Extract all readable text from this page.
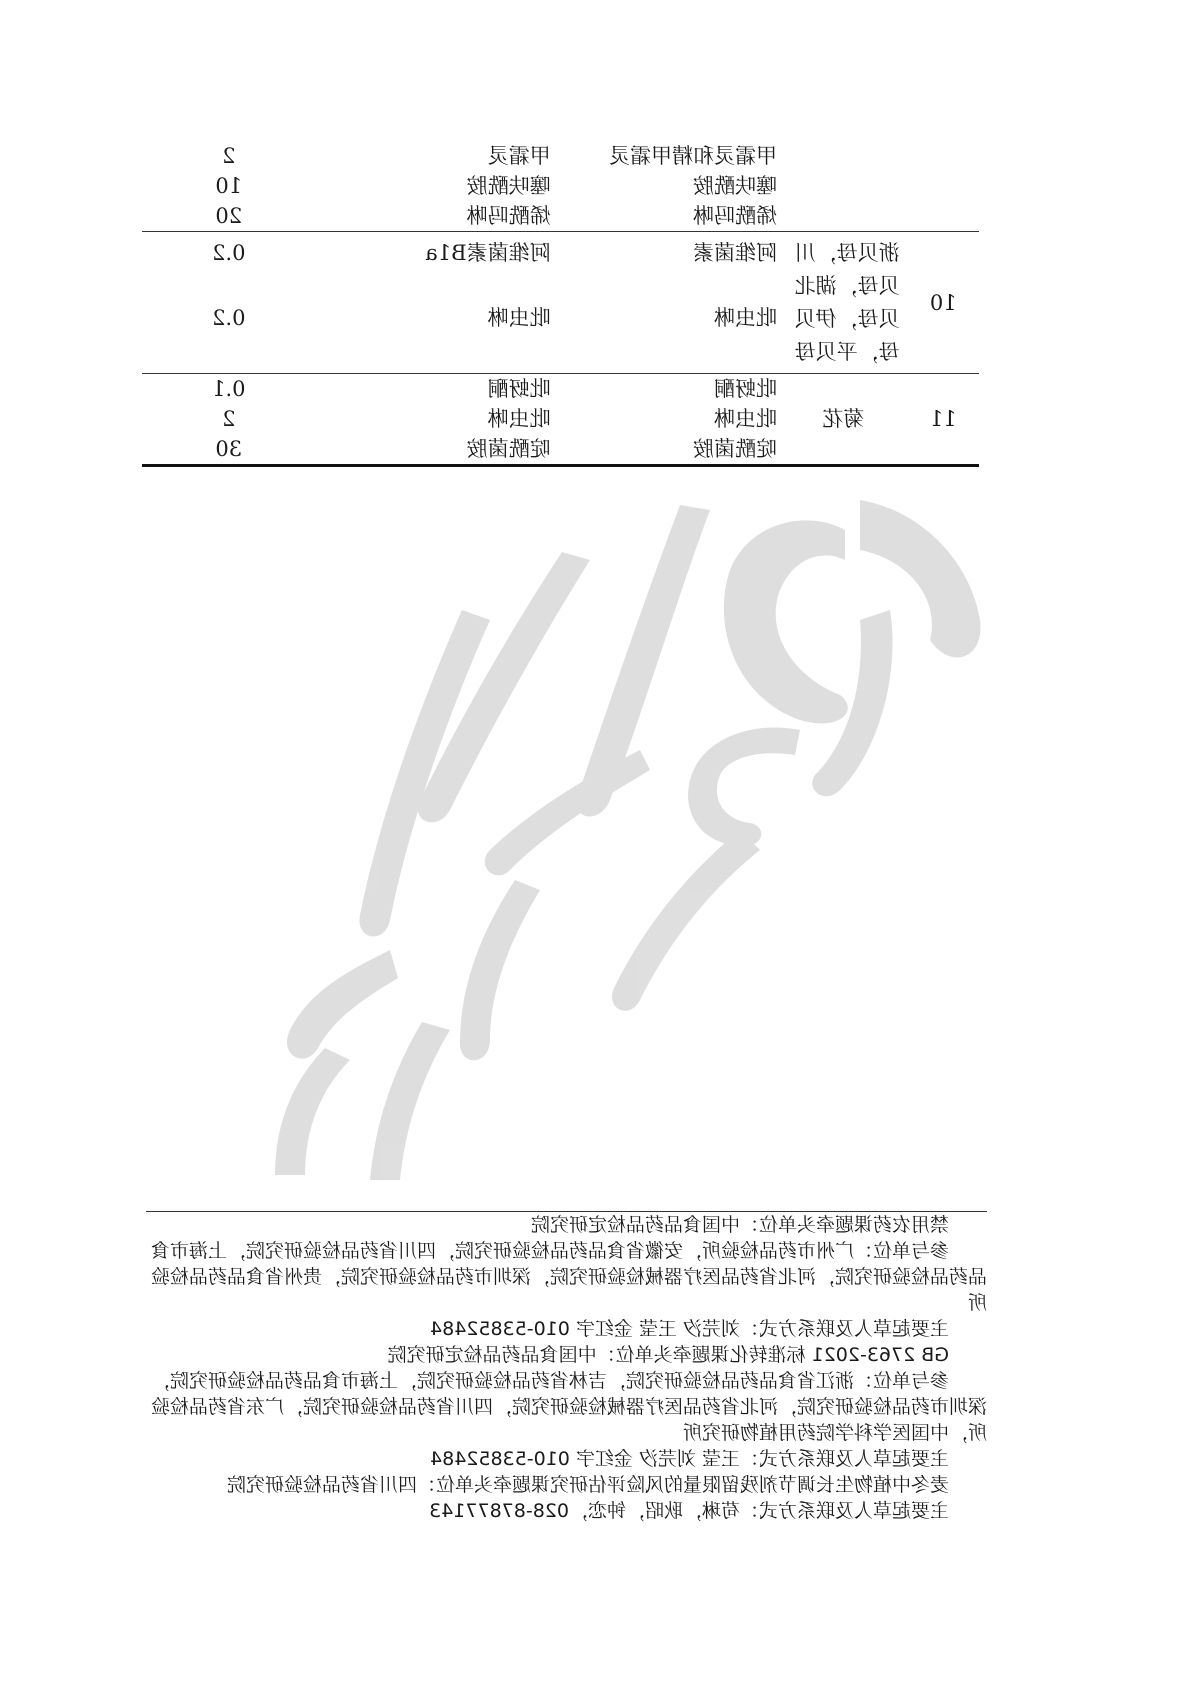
		甲霜灵和精甲霜灵	甲霜灵	2
		噻呋酰胺	噻呋酰胺	10
		烯酰吗啉	烯酰吗啉	20
10	浙贝母，川贝母，湖北贝母，伊贝母，平贝母	阿维菌素	阿维菌素B1a	0.2
		吡虫啉	吡虫啉	0.2
11	菊花	吡蚜酮	吡蚜酮	0.1
		吡虫啉	吡虫啉	2
		啶酰菌胺	啶酰菌胺	30

禁用农药课题牵头单位：中国食品药品检定研究院

参与单位：广州市药品检验所，安徽省食品药品检验研究院，四川省药品检验研究院，上海市食品药品检验研究院，河北省药品医疗器械检验研究院，深圳市药品检验研究院，贵州省食品药品检验所

主要起草人及联系方式：刘芫汐 王莹 金红宇 010-53852484

GB 2763-2021 标准转化课题牵头单位：中国食品药品检定研究院

参与单位：浙江省食品药品检验研究院，吉林省药品检验研究院，上海市食品药品检验研究院，深圳市药品检验研究院，河北省药品医疗器械检验研究院，四川省药品检验研究院，广东省药品检验所，中国医学科学院药用植物研究所

主要起草人及联系方式：王莹 刘芫汐 金红宇 010-53852484

麦冬中植物生长调节剂残留限量的风险评估研究课题牵头单位：四川省药品检验研究院

主要起草人及联系方式：苟琳，耿昭，钟恋，028-87877143
